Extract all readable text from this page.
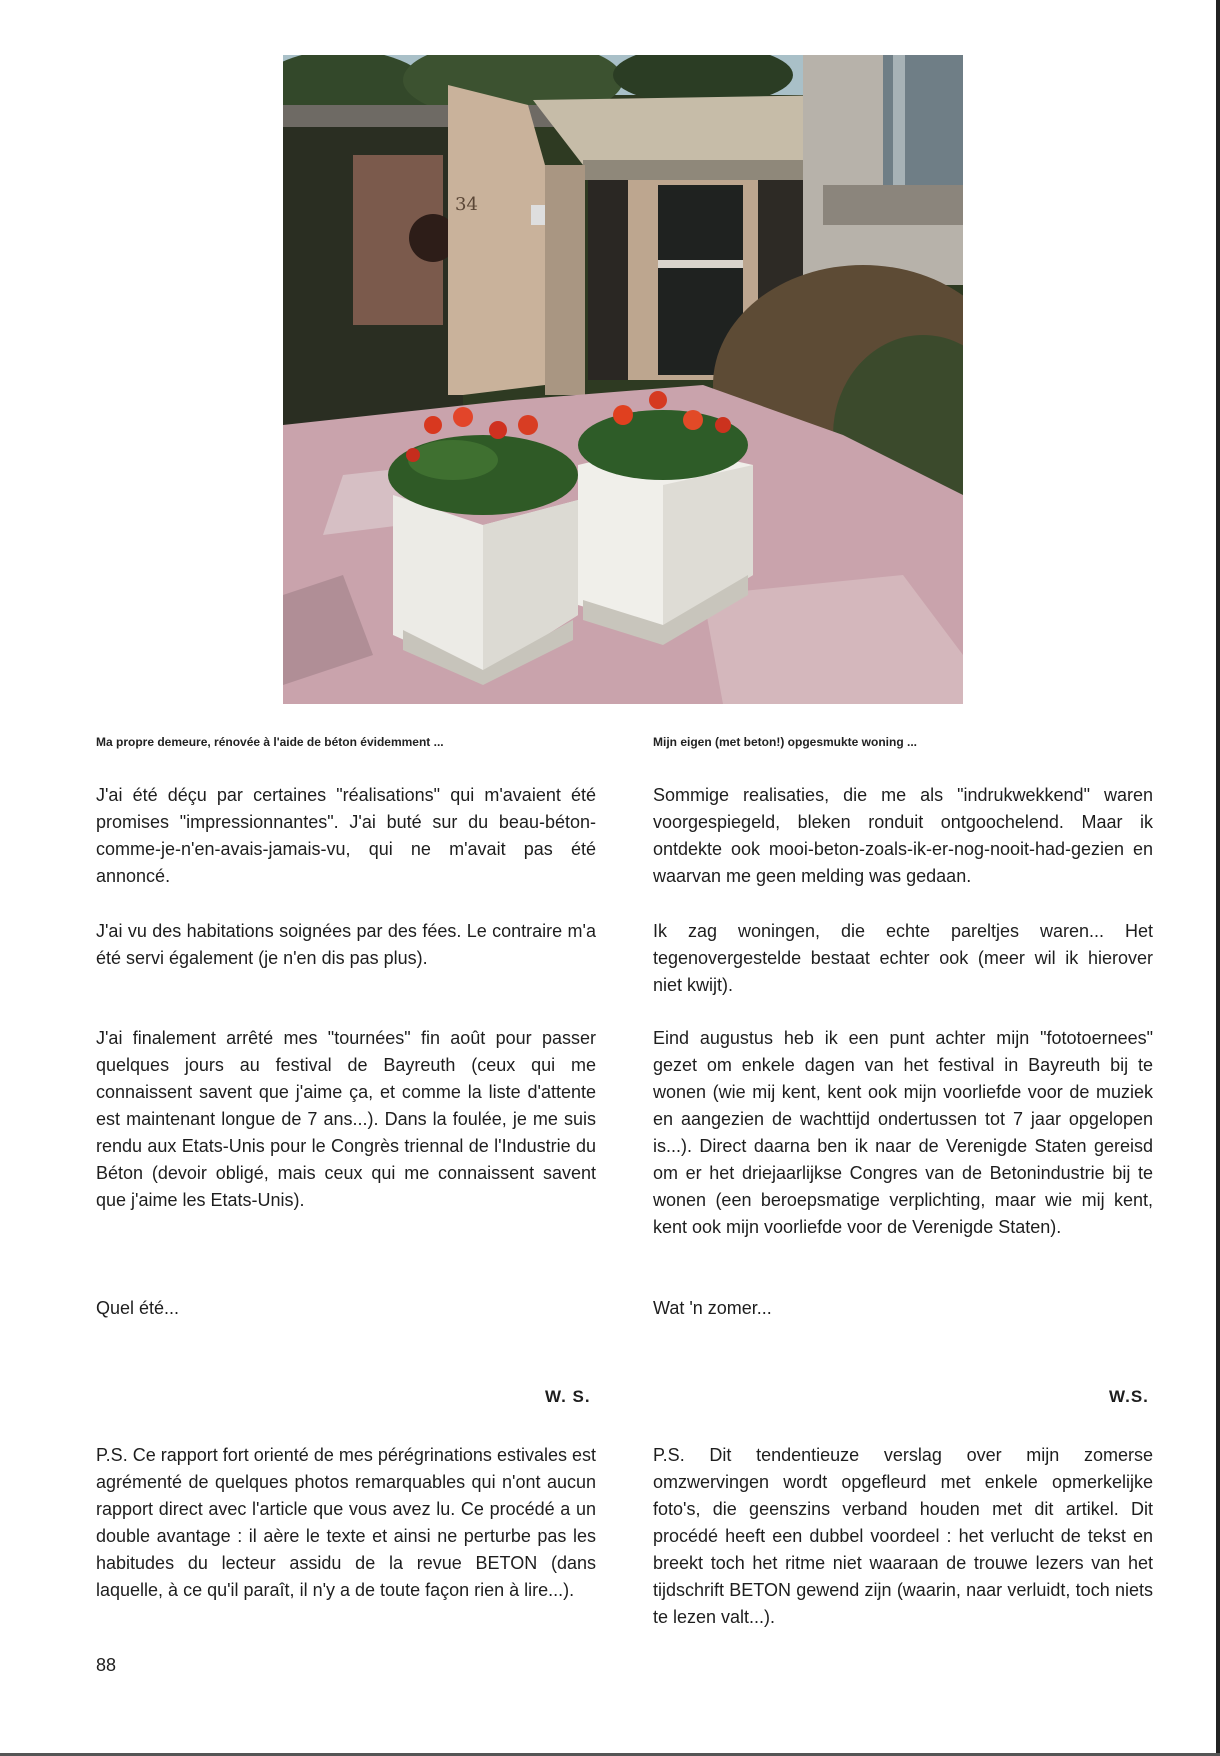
34
Ma propre demeure, rénovée à l'aide de béton évidemment ...	Mijn eigen (met beton!) opgesmukte woning ...

J'ai été déçu par certaines "réalisations" qui m'avaient été promises "impressionnantes". J'ai buté sur du beau-béton-comme-je-n'en-avais-jamais-vu, qui ne m'avait pas été annoncé.

J'ai vu des habitations soignées par des fées. Le contraire m'a été servi également (je n'en dis pas plus).

J'ai finalement arrêté mes "tournées" fin août pour passer quelques jours au festival de Bayreuth (ceux qui me connaissent savent que j'aime ça, et comme la liste d'attente est maintenant longue de 7 ans...). Dans la foulée, je me suis rendu aux Etats-Unis pour le Congrès triennal de l'Industrie du Béton (devoir obligé, mais ceux qui me connaissent savent que j'aime les Etats-Unis).

Quel été...

W. S.

P.S. Ce rapport fort orienté de mes pérégrinations estivales est agrémenté de quelques photos remarquables qui n'ont aucun rapport direct avec l'article que vous avez lu. Ce procédé a un double avantage : il aère le texte et ainsi ne perturbe pas les habitudes du lecteur assidu de la revue BETON (dans laquelle, à ce qu'il paraît, il n'y a de toute façon rien à lire...).

Sommige realisaties, die me als "indrukwekkend" waren voorgespiegeld, bleken ronduit ontgoochelend. Maar ik ontdekte ook mooi-beton-zoals-ik-er-nog-nooit-had-gezien en waarvan me geen melding was gedaan.

Ik zag woningen, die echte pareltjes waren... Het tegenovergestelde bestaat echter ook (meer wil ik hierover niet kwijt).

Eind augustus heb ik een punt achter mijn "fototoernees" gezet om enkele dagen van het festival in Bayreuth bij te wonen (wie mij kent, kent ook mijn voorliefde voor de muziek en aangezien de wachttijd ondertussen tot 7 jaar opgelopen is...). Direct daarna ben ik naar de Verenigde Staten gereisd om er het driejaarlijkse Congres van de Betonindustrie bij te wonen (een beroepsmatige verplichting, maar wie mij kent, kent ook mijn voorliefde voor de Verenigde Staten).

Wat 'n zomer...

W.S.

P.S. Dit tendentieuze verslag over mijn zomerse omzwervingen wordt opgefleurd met enkele opmerkelijke foto's, die geenszins verband houden met dit artikel. Dit procédé heeft een dubbel voordeel : het verlucht de tekst en breekt toch het ritme niet waaraan de trouwe lezers van het tijdschrift BETON gewend zijn (waarin, naar verluidt, toch niets te lezen valt...).

88
